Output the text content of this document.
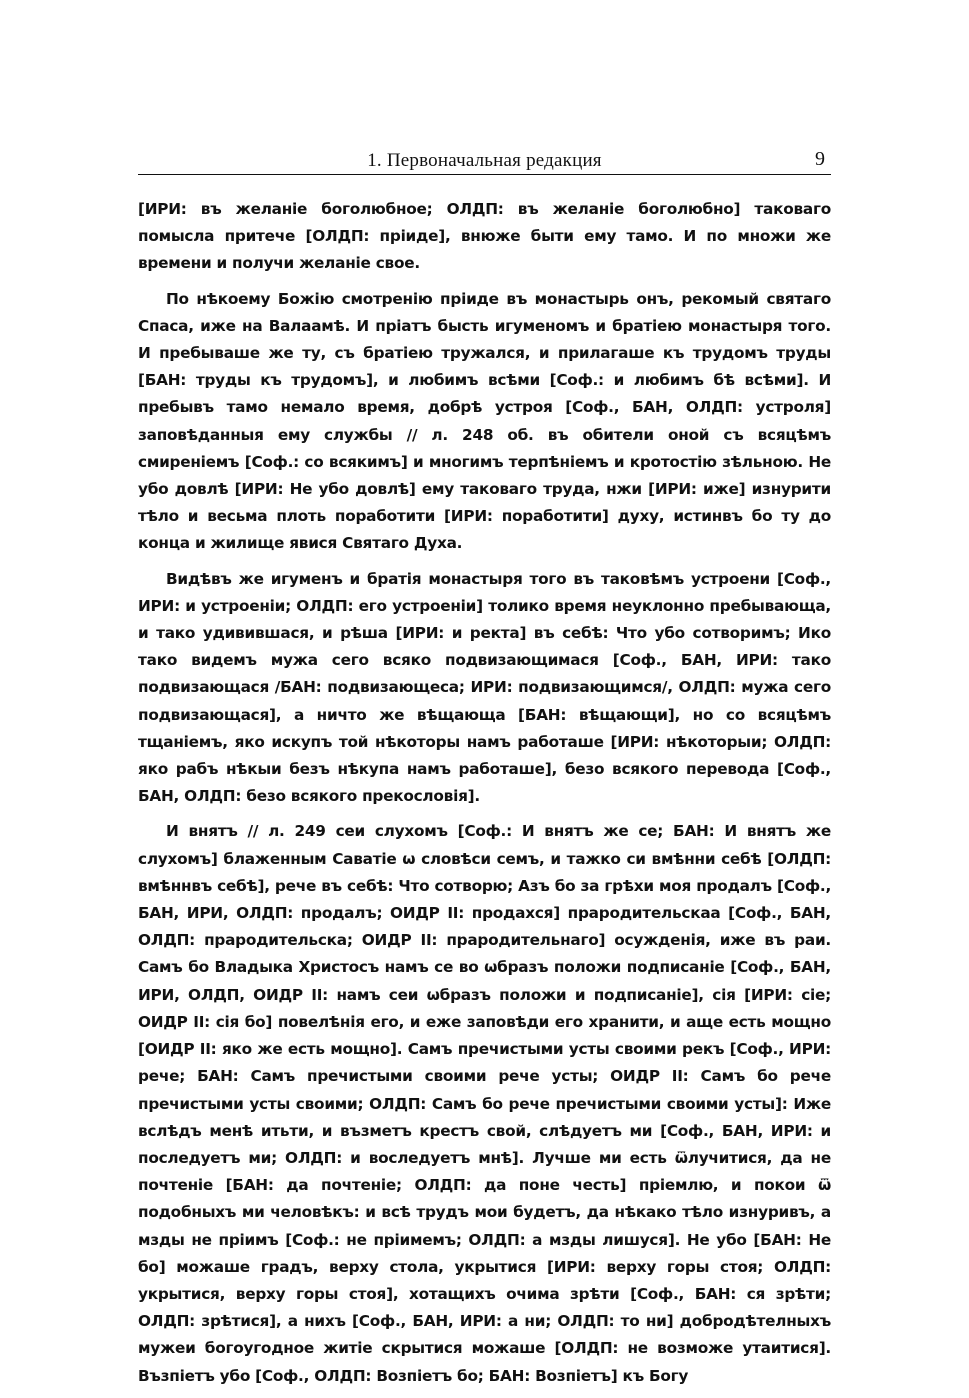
1. Первоначальная редакция	9

[ИРИ: въ желаніе боголюбное; ОЛДП: въ желаніе боголюбно] таковаго помысла притече [ОЛДП: пріиде], внюже быти ему тамо. И по множи же времени и получи желаніе свое.

По нѣкоему Божію смотренію пріиде въ монастырь онъ, рекомый святаго Спаса, иже на Валаамѣ. И пріатъ бысть игуменомъ и братіею монастыря того. И пребываше же ту, съ братіею тружался, и прилагаше къ трудомъ труды [БАН: труды къ трудомъ], и любимъ всѣми [Соф.: и любимъ бѣ всѣми]. И пребывъ тамо немало время, добрѣ устроя [Соф., БАН, ОЛДП: устроля] заповѣданныя ему службы // л. 248 об. въ обители оной съ всяцѣмъ смиреніемъ [Соф.: со всякимъ] и многимъ терпѣніемъ и кротостію зѣльною. Не убо довлѣ [ИРИ: Не убо довлѣ] ему таковаго труда, нжи [ИРИ: иже] изнурити тѣло и весьма плоть поработити [ИРИ: поработити] духу, истинвъ бо ту до конца и жилище явися Святаго Духа.

Видѣвъ же игуменъ и братія монастыря того въ таковѣмъ устроени [Соф., ИРИ: и устроеніи; ОЛДП: его устроеніи] толико время неуклонно пребывающа, и тако удивившася, и рѣша [ИРИ: и ректа] въ себѣ: Что убо сотворимъ; Ико тако видемъ мужа сего всяко подвизающимася [Соф., БАН, ИРИ: тако подвизающася /БАН: подвизающеса; ИРИ: подвизающимся/, ОЛДП: мужа сего подвизающася], а ничто же вѣщающа [БАН: вѣщающи], но со всяцѣмъ тщаніемъ, яко искупъ той нѣкоторы намъ работаше [ИРИ: нѣкоторыи; ОЛДП: яко рабъ нѣкыи безъ нѣкупа намъ работаше], безо всякого перевода [Соф., БАН, ОЛДП: безо всякого прекословія].

И внятъ // л. 249 сеи слухомъ [Соф.: И внятъ же се; БАН: И внятъ же слухомъ] блаженным Саватіе ѡ словѣси семъ, и тажко си вмѣнни себѣ [ОЛДП: вмѣннвъ себѣ], рече въ себѣ: Что сотворю; Азъ бо за грѣхи моя продалъ [Соф., БАН, ИРИ, ОЛДП: продалъ; ОИДР II: продахся] прародительскаа [Соф., БАН, ОЛДП: прародительска; ОИДР II: прародительнаго] осужденія, иже въ раи. Самъ бо Владыка Христосъ намъ се во ѡбразъ положи подписаніе [Соф., БАН, ИРИ, ОЛДП, ОИДР II: намъ сеи ѡбразъ положи и подписаніе], сія [ИРИ: сіе; ОИДР II: сія бо] повелѣнія его, и еже заповѣди его хранити, и аще есть мощно [ОИДР II: яко же есть мощно]. Самъ пречистыми усты своими рекъ [Соф., ИРИ: рече; БАН: Самъ пречистыми своими рече усты; ОИДР II: Самъ бо рече пречистыми усты своими; ОЛДП: Самъ бо рече пречистыми своими усты]: Иже вслѣдъ менѣ итьти, и възметъ крестъ свой, слѣдуетъ ми [Соф., БАН, ИРИ: и последуетъ ми; ОЛДП: и воследуетъ мнѣ]. Лучше ми есть ѿлучитися, да не почтеніе [БАН: да почтеніе; ОЛДП: да поне честь] пріемлю, и покои ѿ подобныхъ ми человѣкъ: и всѣ трудъ мои будетъ, да нѣкако тѣло изнуривъ, а мзды не пріимъ [Соф.: не пріимемъ; ОЛДП: а мзды лишуся]. Не убо [БАН: Не бо] можаше градъ, верху стола, укрытися [ИРИ: верху горы стоя; ОЛДП: укрытися, верху горы стоя], хотащихъ очима зрѣти [Соф., БАН: ся зрѣти; ОЛДП: зрѣтися], а нихъ [Соф., БАН, ИРИ: а ни; ОЛДП: то ни] добродѣтелныхъ мужеи богоугодное житіе скрытися можаше [ОЛДП: не возможе утаитися]. Възпіетъ убо [Соф., ОЛДП: Возпіетъ бо; БАН: Возпіетъ] къ Богу
